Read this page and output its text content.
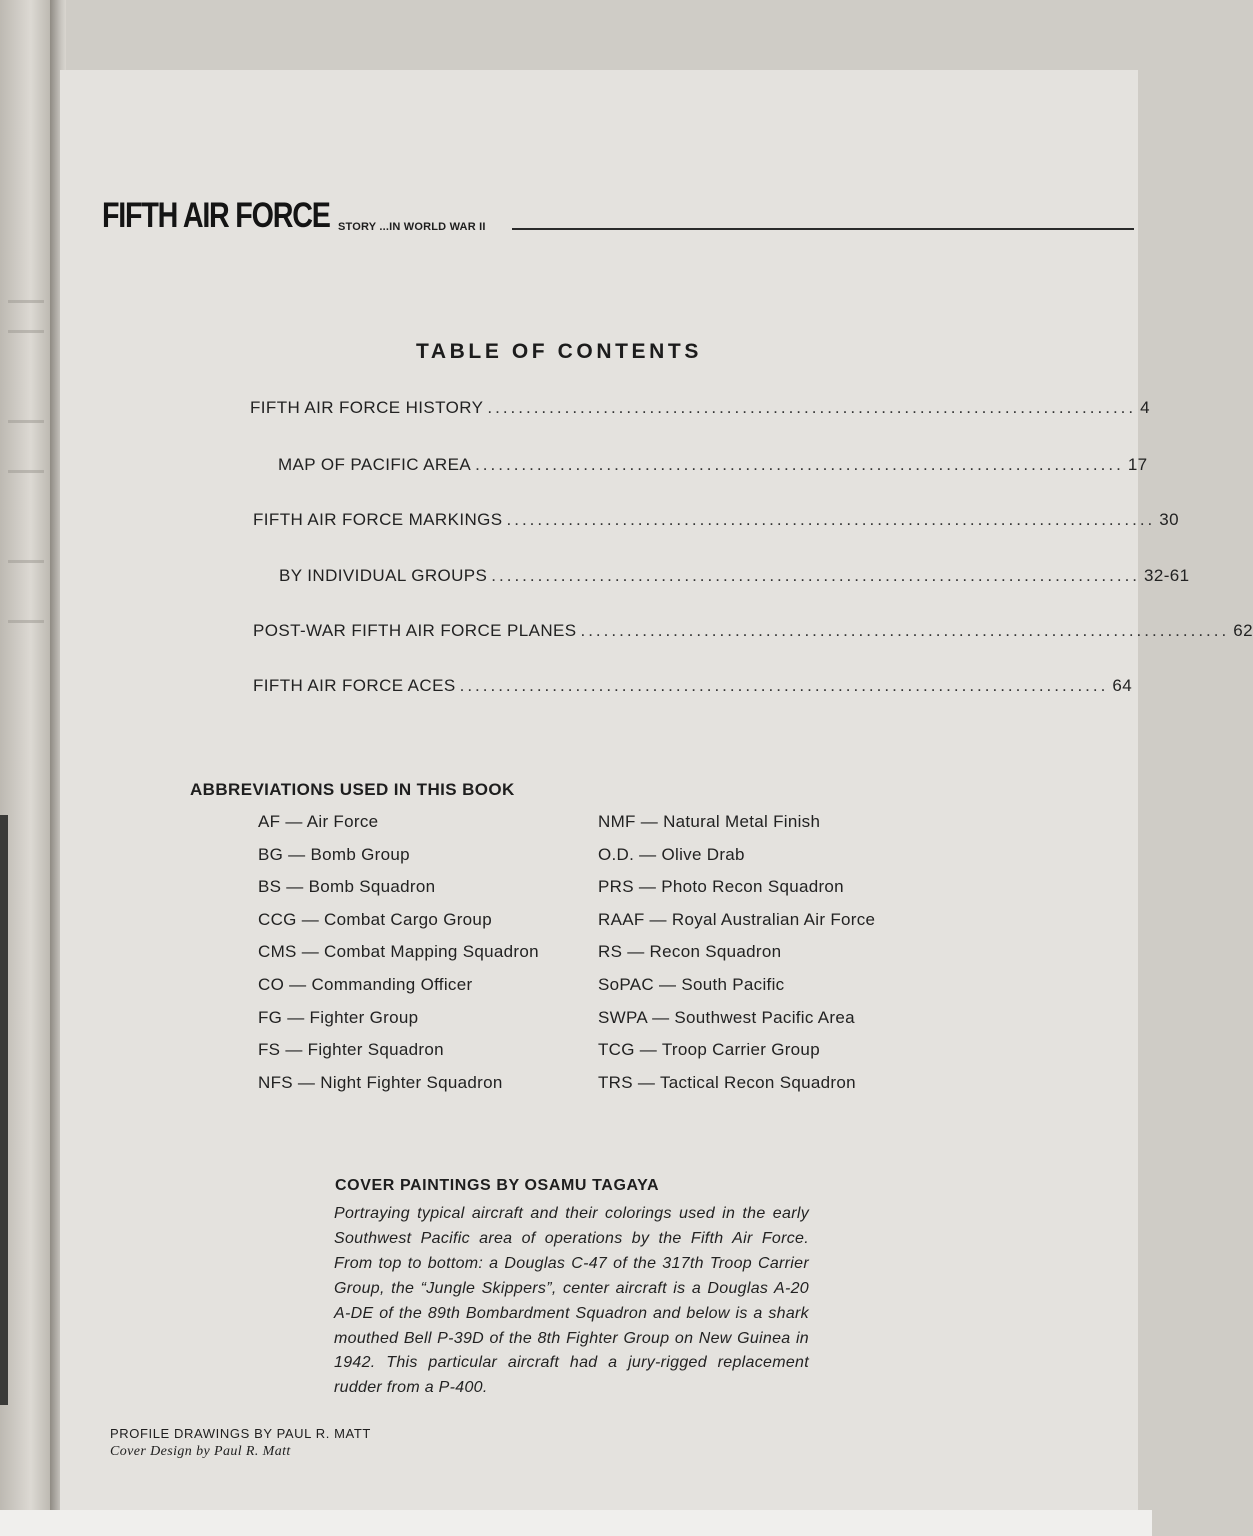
FIFTH AIR FORCE STORY ...IN WORLD WAR II
TABLE OF CONTENTS
FIFTH AIR FORCE HISTORY .................................................................................... 4
MAP OF PACIFIC AREA .................................................................................... 17
FIFTH AIR FORCE MARKINGS .................................................................................... 30
BY INDIVIDUAL GROUPS .................................................................................... 32-61
POST-WAR FIFTH AIR FORCE PLANES .................................................................................... 62
FIFTH AIR FORCE ACES .................................................................................... 64
ABBREVIATIONS USED IN THIS BOOK
AF — Air Force
BG — Bomb Group
BS — Bomb Squadron
CCG — Combat Cargo Group
CMS — Combat Mapping Squadron
CO — Commanding Officer
FG — Fighter Group
FS — Fighter Squadron
NFS — Night Fighter Squadron
NMF — Natural Metal Finish
O.D. — Olive Drab
PRS — Photo Recon Squadron
RAAF — Royal Australian Air Force
RS — Recon Squadron
SoPAC — South Pacific
SWPA — Southwest Pacific Area
TCG — Troop Carrier Group
TRS — Tactical Recon Squadron
COVER PAINTINGS BY OSAMU TAGAYA
Portraying typical aircraft and their colorings used in the early Southwest Pacific area of operations by the Fifth Air Force. From top to bottom: a Douglas C-47 of the 317th Troop Carrier Group, the “Jungle Skippers”, center aircraft is a Douglas A-20 A-DE of the 89th Bombardment Squadron and below is a shark mouthed Bell P-39D of the 8th Fighter Group on New Guinea in 1942. This particular aircraft had a jury-rigged replacement rudder from a P-400.
PROFILE DRAWINGS BY PAUL R. MATT
Cover Design by Paul R. Matt
